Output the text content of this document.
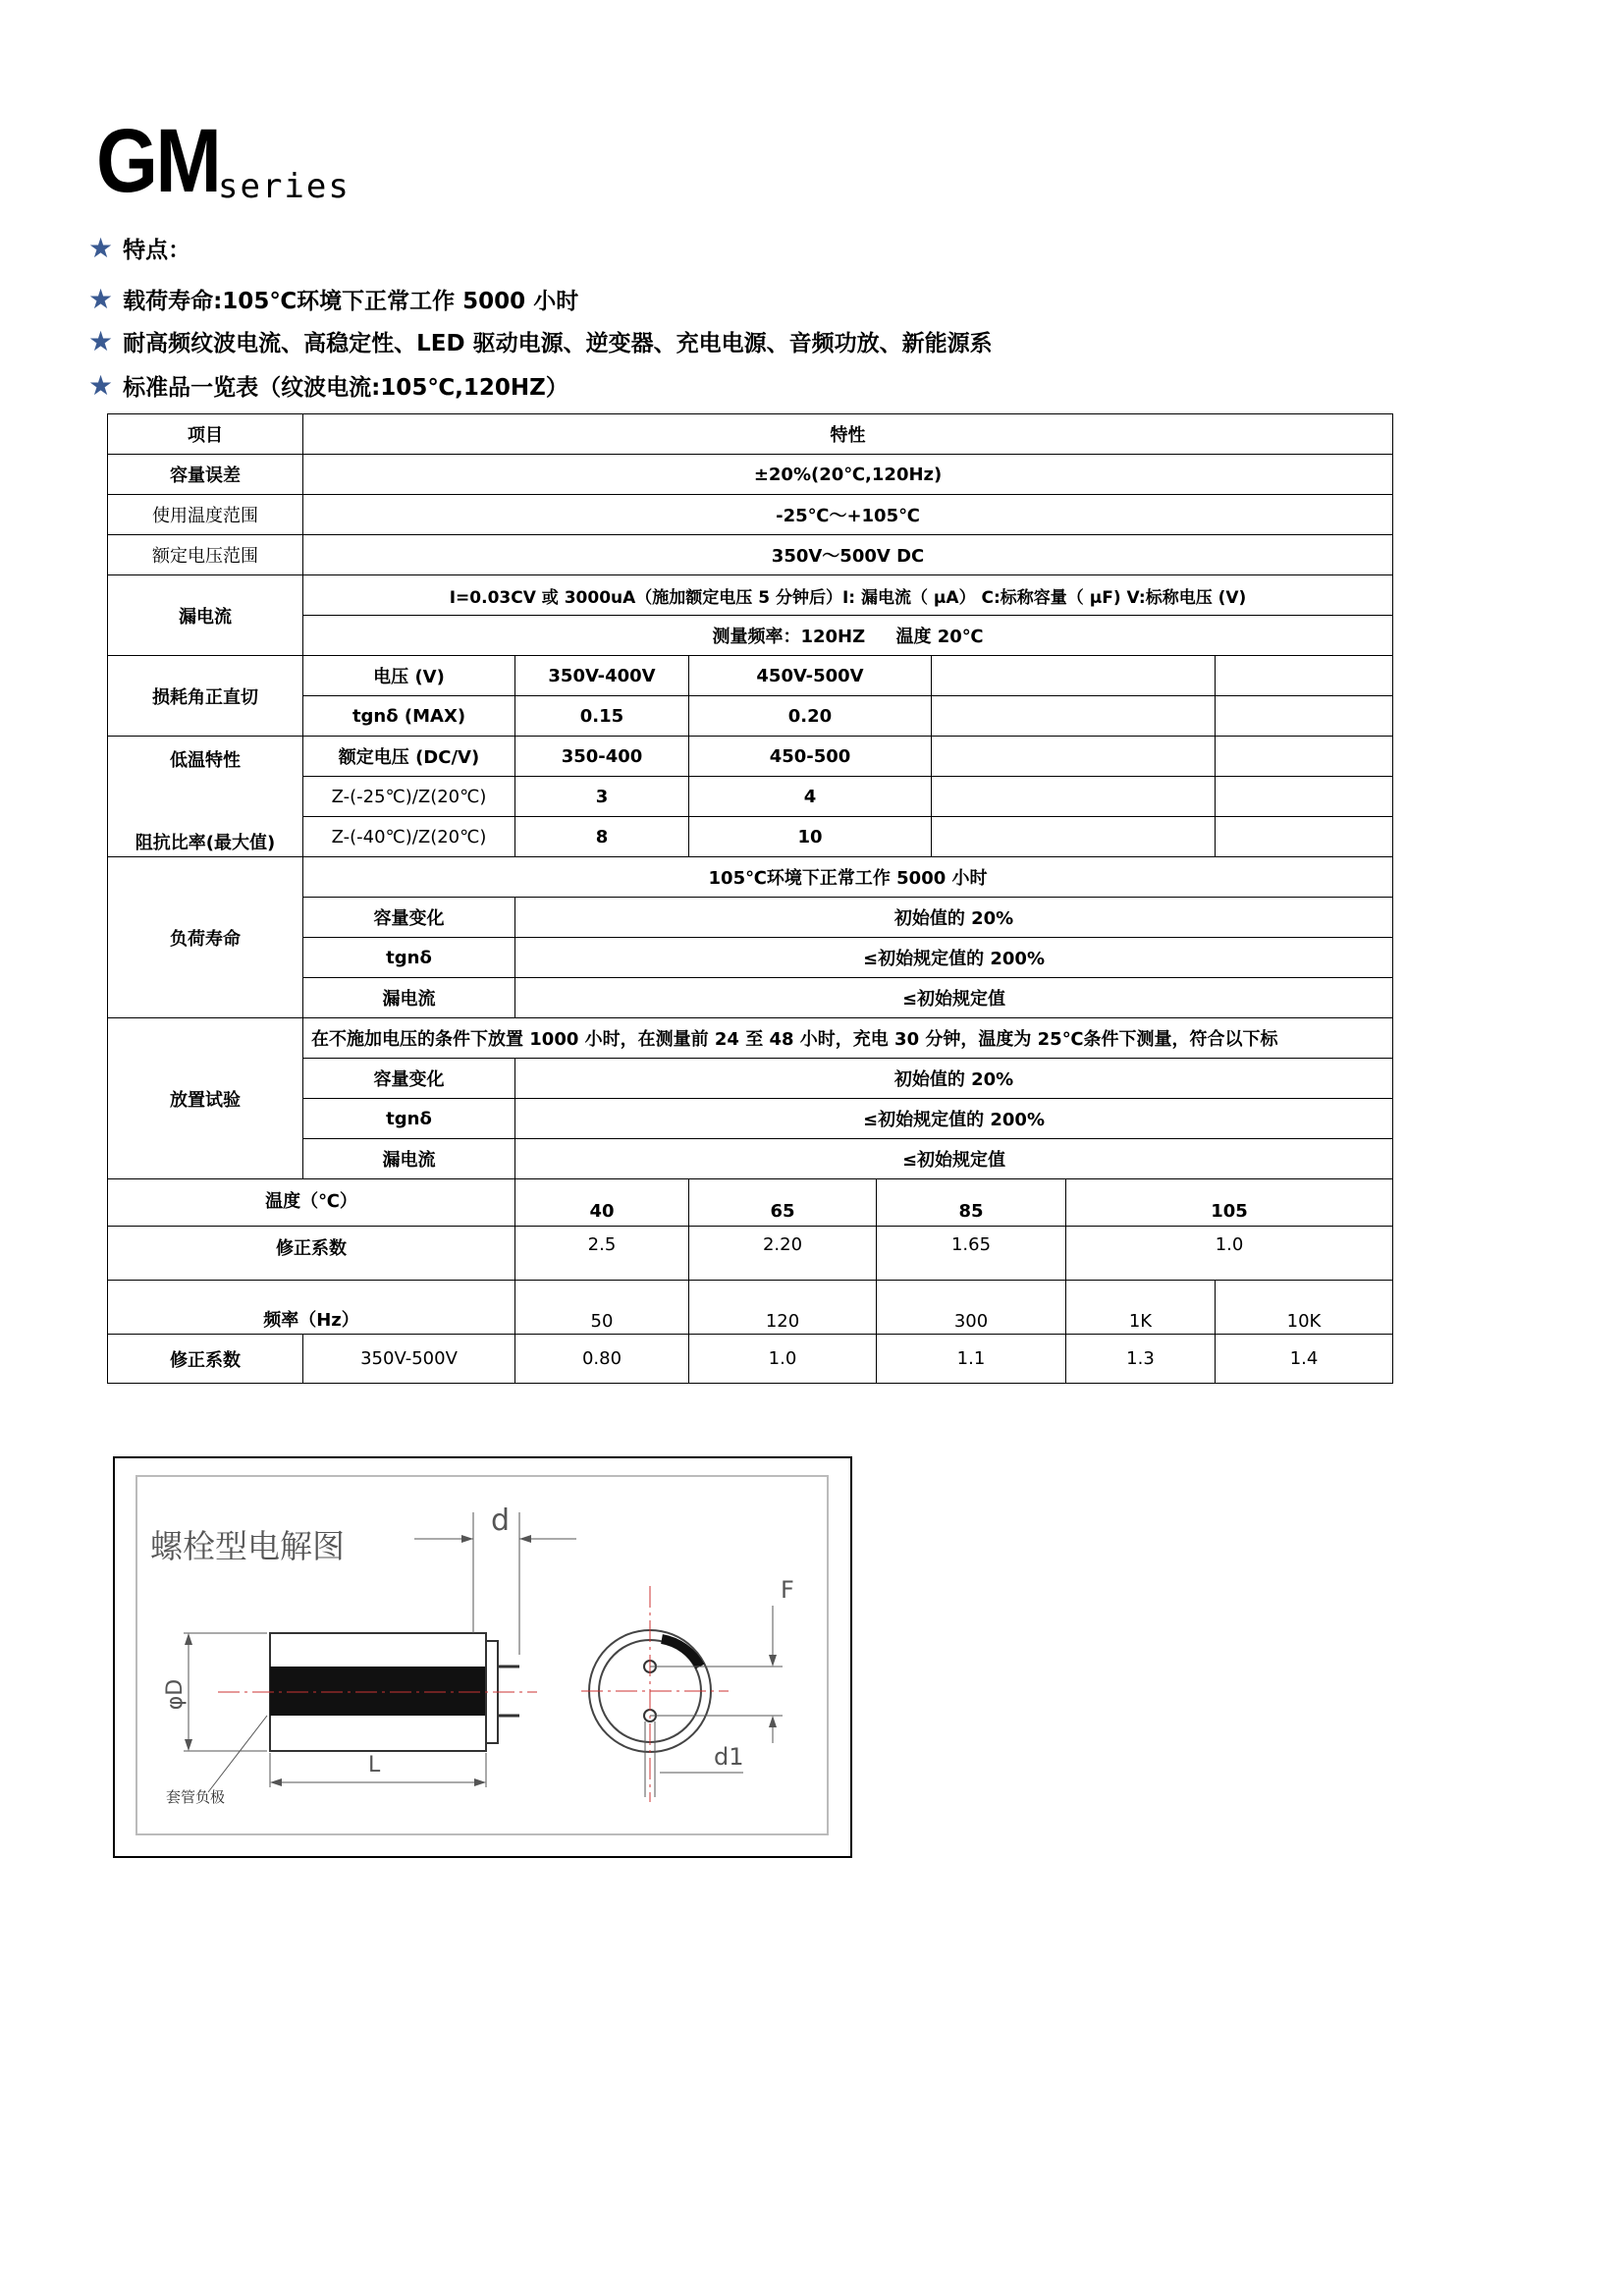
GM
series
★ 特点：
★ 载荷寿命:105℃环境下正常工作 5000 小时
★ 耐高频纹波电流、高稳定性、LED 驱动电源、逆变器、充电电源、音频功放、新能源系
★ 标准品一览表（纹波电流:105℃,120HZ）
项目	特性						
容量误差	±20%(20℃,120Hz)						
使用温度范围	-25℃～+105℃						
额定电压范围	350V～500V DC						
漏电流	I=0.03CV 或 3000uA（施加额定电压 5 分钟后）I: 漏电流（ μA） C:标称容量（ μF) V:标称电压 (V)						
	测量频率：120HZ     温度 20℃						
损耗角正直切	电压 (V)	350V-400V	450V-500V				
	tgnδ (MAX)	0.15	0.20				

低温特性
阻抗比率(最大值)	额定电压 (DC/V)	350-400	450-500				
	Z-(-25℃)/Z(20℃)	3	4				
	Z-(-40℃)/Z(20℃)	8	10				
负荷寿命	105℃环境下正常工作 5000 小时						
	容量变化	初始值的 20%					
	tgnδ	≤初始规定值的 200%					
	漏电流	≤初始规定值					
放置试验	在不施加电压的条件下放置 1000 小时，在测量前 24 至 48 小时，充电 30 分钟，温度为 25℃条件下测量，符合以下标						
	容量变化	初始值的 20%					
	tgnδ	≤初始规定值的 200%					
	漏电流	≤初始规定值					
温度（℃）		40	65	85		105	
修正系数		2.5	2.20	1.65		1.0	
频率（Hz）		50	120	300		1K	10K
修正系数	350V-500V	0.80	1.0	1.1		1.3	1.4
螺栓型电解图
d
F
φD
d1
L
套管负极
